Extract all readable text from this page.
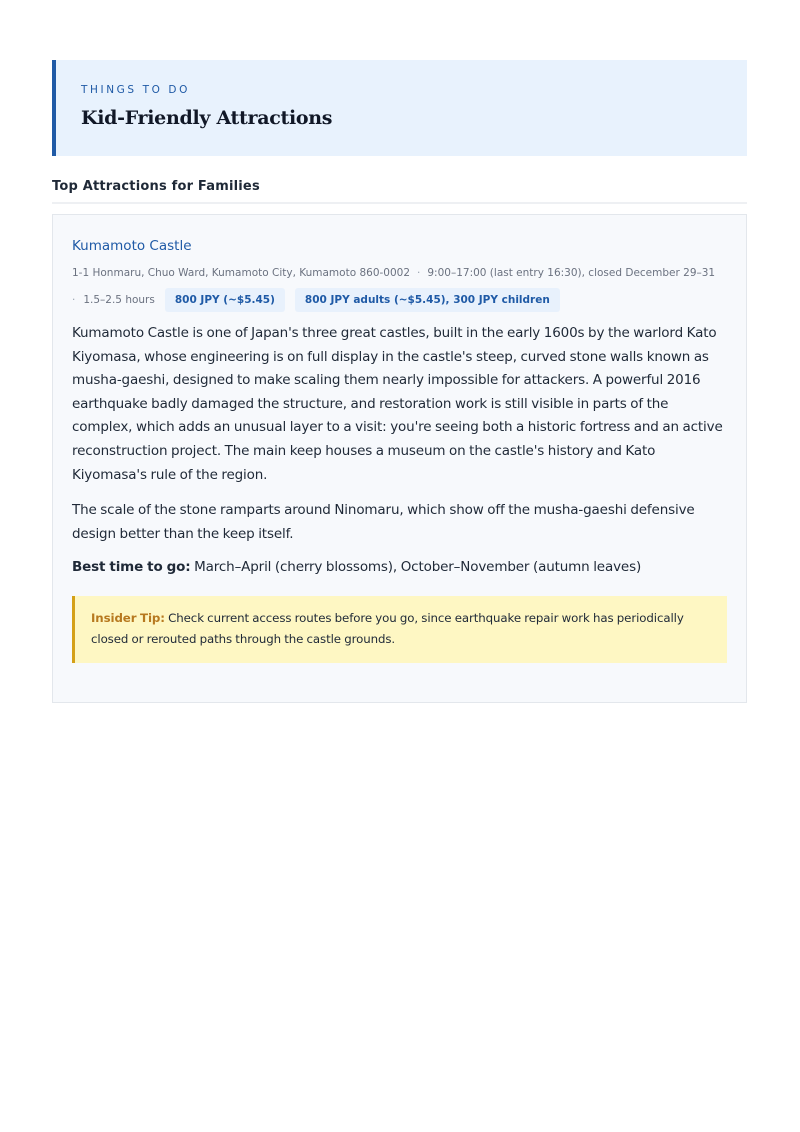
THINGS TO DO
Kid-Friendly Attractions
Top Attractions for Families
Kumamoto Castle
1-1 Honmaru, Chuo Ward, Kumamoto City, Kumamoto 860-0002 · 9:00–17:00 (last entry 16:30), closed December 29–31
· 1.5–2.5 hours	800 JPY (~$5.45)	800 JPY adults (~$5.45), 300 JPY children

Kumamoto Castle is one of Japan's three great castles, built in the early 1600s by the warlord Kato Kiyomasa, whose engineering is on full display in the castle's steep, curved stone walls known as musha-gaeshi, designed to make scaling them nearly impossible for attackers. A powerful 2016 earthquake badly damaged the structure, and restoration work is still visible in parts of the complex, which adds an unusual layer to a visit: you're seeing both a historic fortress and an active reconstruction project. The main keep houses a museum on the castle's history and Kato Kiyomasa's rule of the region.

The scale of the stone ramparts around Ninomaru, which show off the musha-gaeshi defensive design better than the keep itself.

Best time to go: March–April (cherry blossoms), October–November (autumn leaves)

Insider Tip: Check current access routes before you go, since earthquake repair work has periodically closed or rerouted paths through the castle grounds.
